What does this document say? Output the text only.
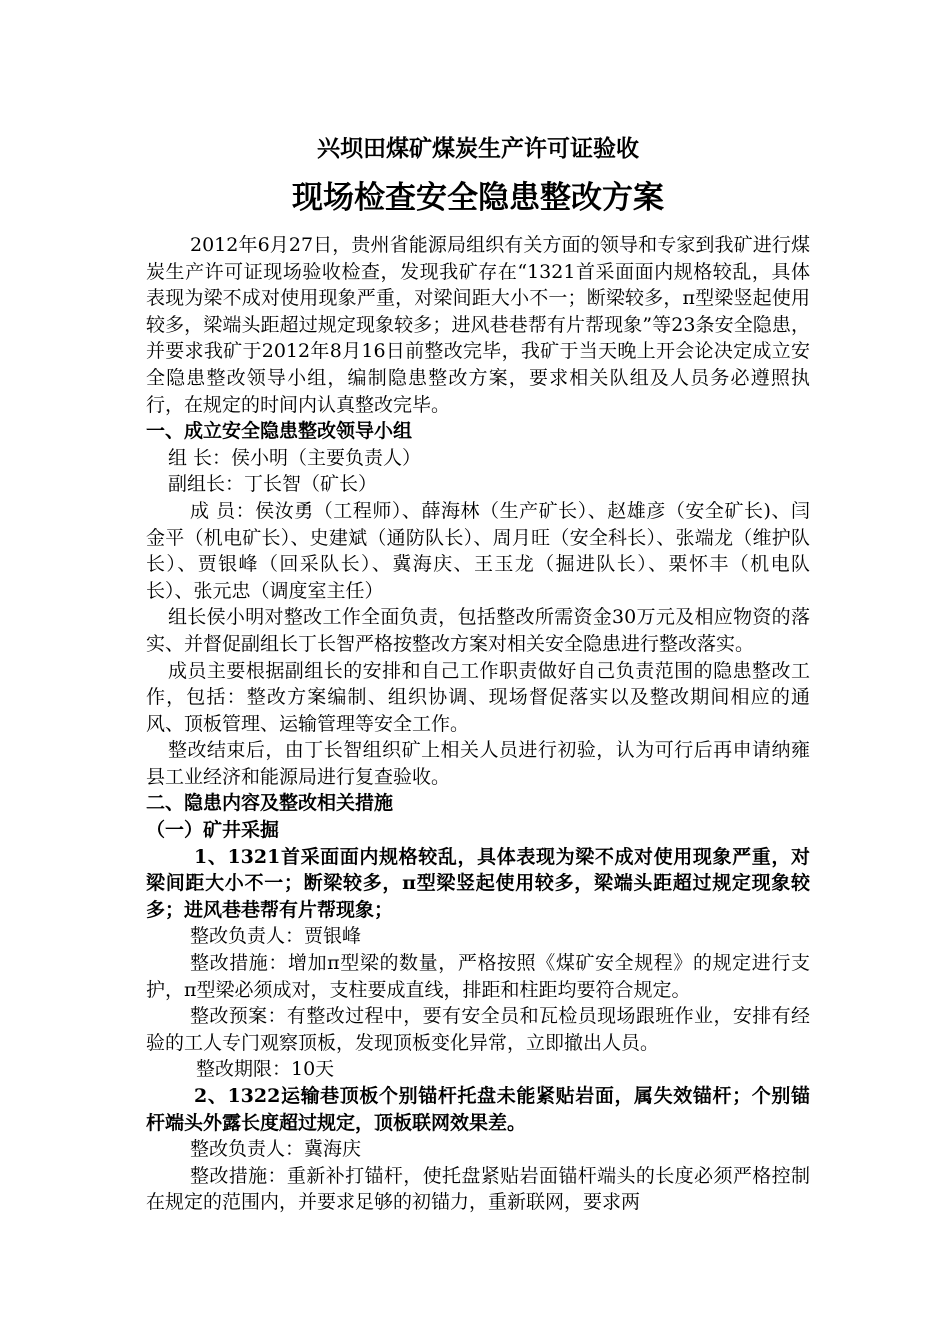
兴坝田煤矿煤炭生产许可证验收
现场检查安全隐患整改方案

2012年6月27日，贵州省能源局组织有关方面的领导和专家到我矿进行煤炭生产许可证现场验收检查，发现我矿存在“1321首采面面内规格较乱，具体表现为梁不成对使用现象严重，对梁间距大小不一；断梁较多，π型梁竖起使用较多，梁端头距超过规定现象较多；进风巷巷帮有片帮现象”等23条安全隐患，并要求我矿于2012年8月16日前整改完毕，我矿于当天晚上开会论决定成立安全隐患整改领导小组，编制隐患整改方案，要求相关队组及人员务必遵照执行，在规定的时间内认真整改完毕。

一、成立安全隐患整改领导小组

组 长：侯小明（主要负责人）

副组长：丁长智（矿长）

成 员：侯汝勇（工程师）、薛海林（生产矿长）、赵雄彦（安全矿长)、闫金平（机电矿长）、史建斌（通防队长）、周月旺（安全科长）、张端龙（维护队长）、贾银峰（回采队长）、冀海庆、王玉龙（掘进队长）、栗怀丰（机电队长）、张元忠（调度室主任）

组长侯小明对整改工作全面负责，包括整改所需资金30万元及相应物资的落实、并督促副组长丁长智严格按整改方案对相关安全隐患进行整改落实。

成员主要根据副组长的安排和自己工作职责做好自己负责范围的隐患整改工作，包括：整改方案编制、组织协调、现场督促落实以及整改期间相应的通风、顶板管理、运输管理等安全工作。

整改结束后，由丁长智组织矿上相关人员进行初验，认为可行后再申请纳雍县工业经济和能源局进行复查验收。

二、隐患内容及整改相关措施

（一）矿井采掘

1、1321首采面面内规格较乱，具体表现为梁不成对使用现象严重，对梁间距大小不一；断梁较多，π型梁竖起使用较多，梁端头距超过规定现象较多；进风巷巷帮有片帮现象；

整改负责人：贾银峰

整改措施：增加π型梁的数量，严格按照《煤矿安全规程》的规定进行支护，π型梁必须成对，支柱要成直线，排距和柱距均要符合规定。

整改预案：有整改过程中，要有安全员和瓦检员现场跟班作业，安排有经验的工人专门观察顶板，发现顶板变化异常，立即撤出人员。

整改期限：10天

2、1322运输巷顶板个别锚杆托盘未能紧贴岩面，属失效锚杆；个别锚杆端头外露长度超过规定，顶板联网效果差。

整改负责人：冀海庆

整改措施：重新补打锚杆，使托盘紧贴岩面锚杆端头的长度必须严格控制在规定的范围内，并要求足够的初锚力，重新联网，要求两
